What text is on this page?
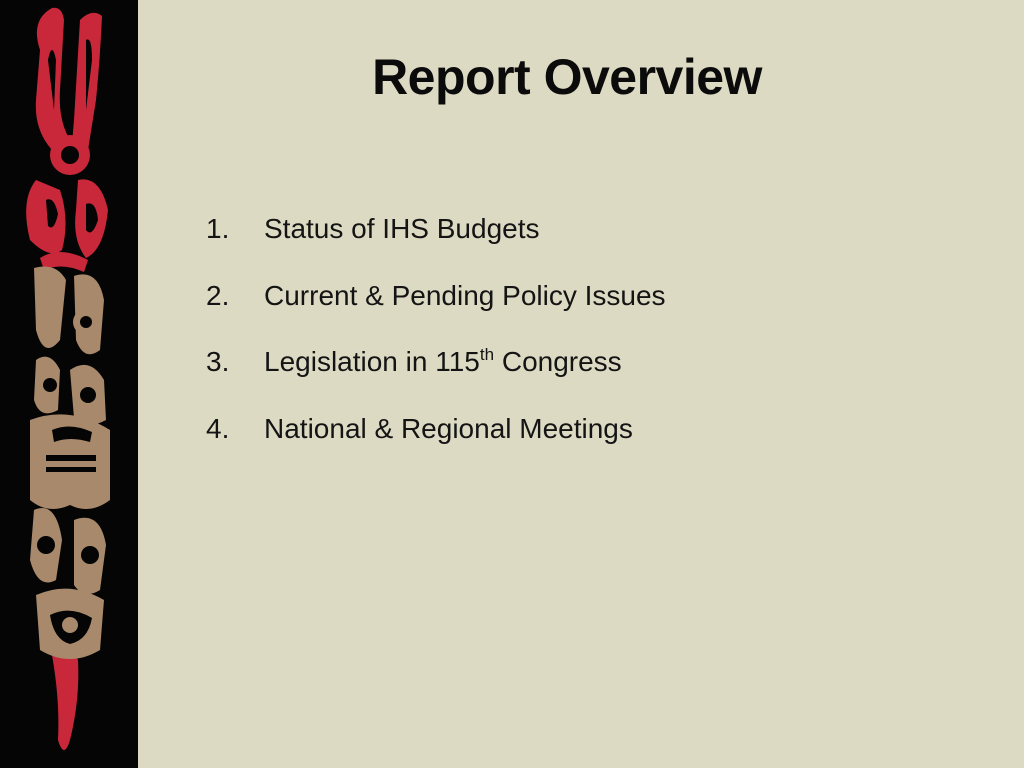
Report Overview
1. Status of IHS Budgets
2. Current & Pending Policy Issues
3. Legislation in 115th Congress
4. National & Regional Meetings
